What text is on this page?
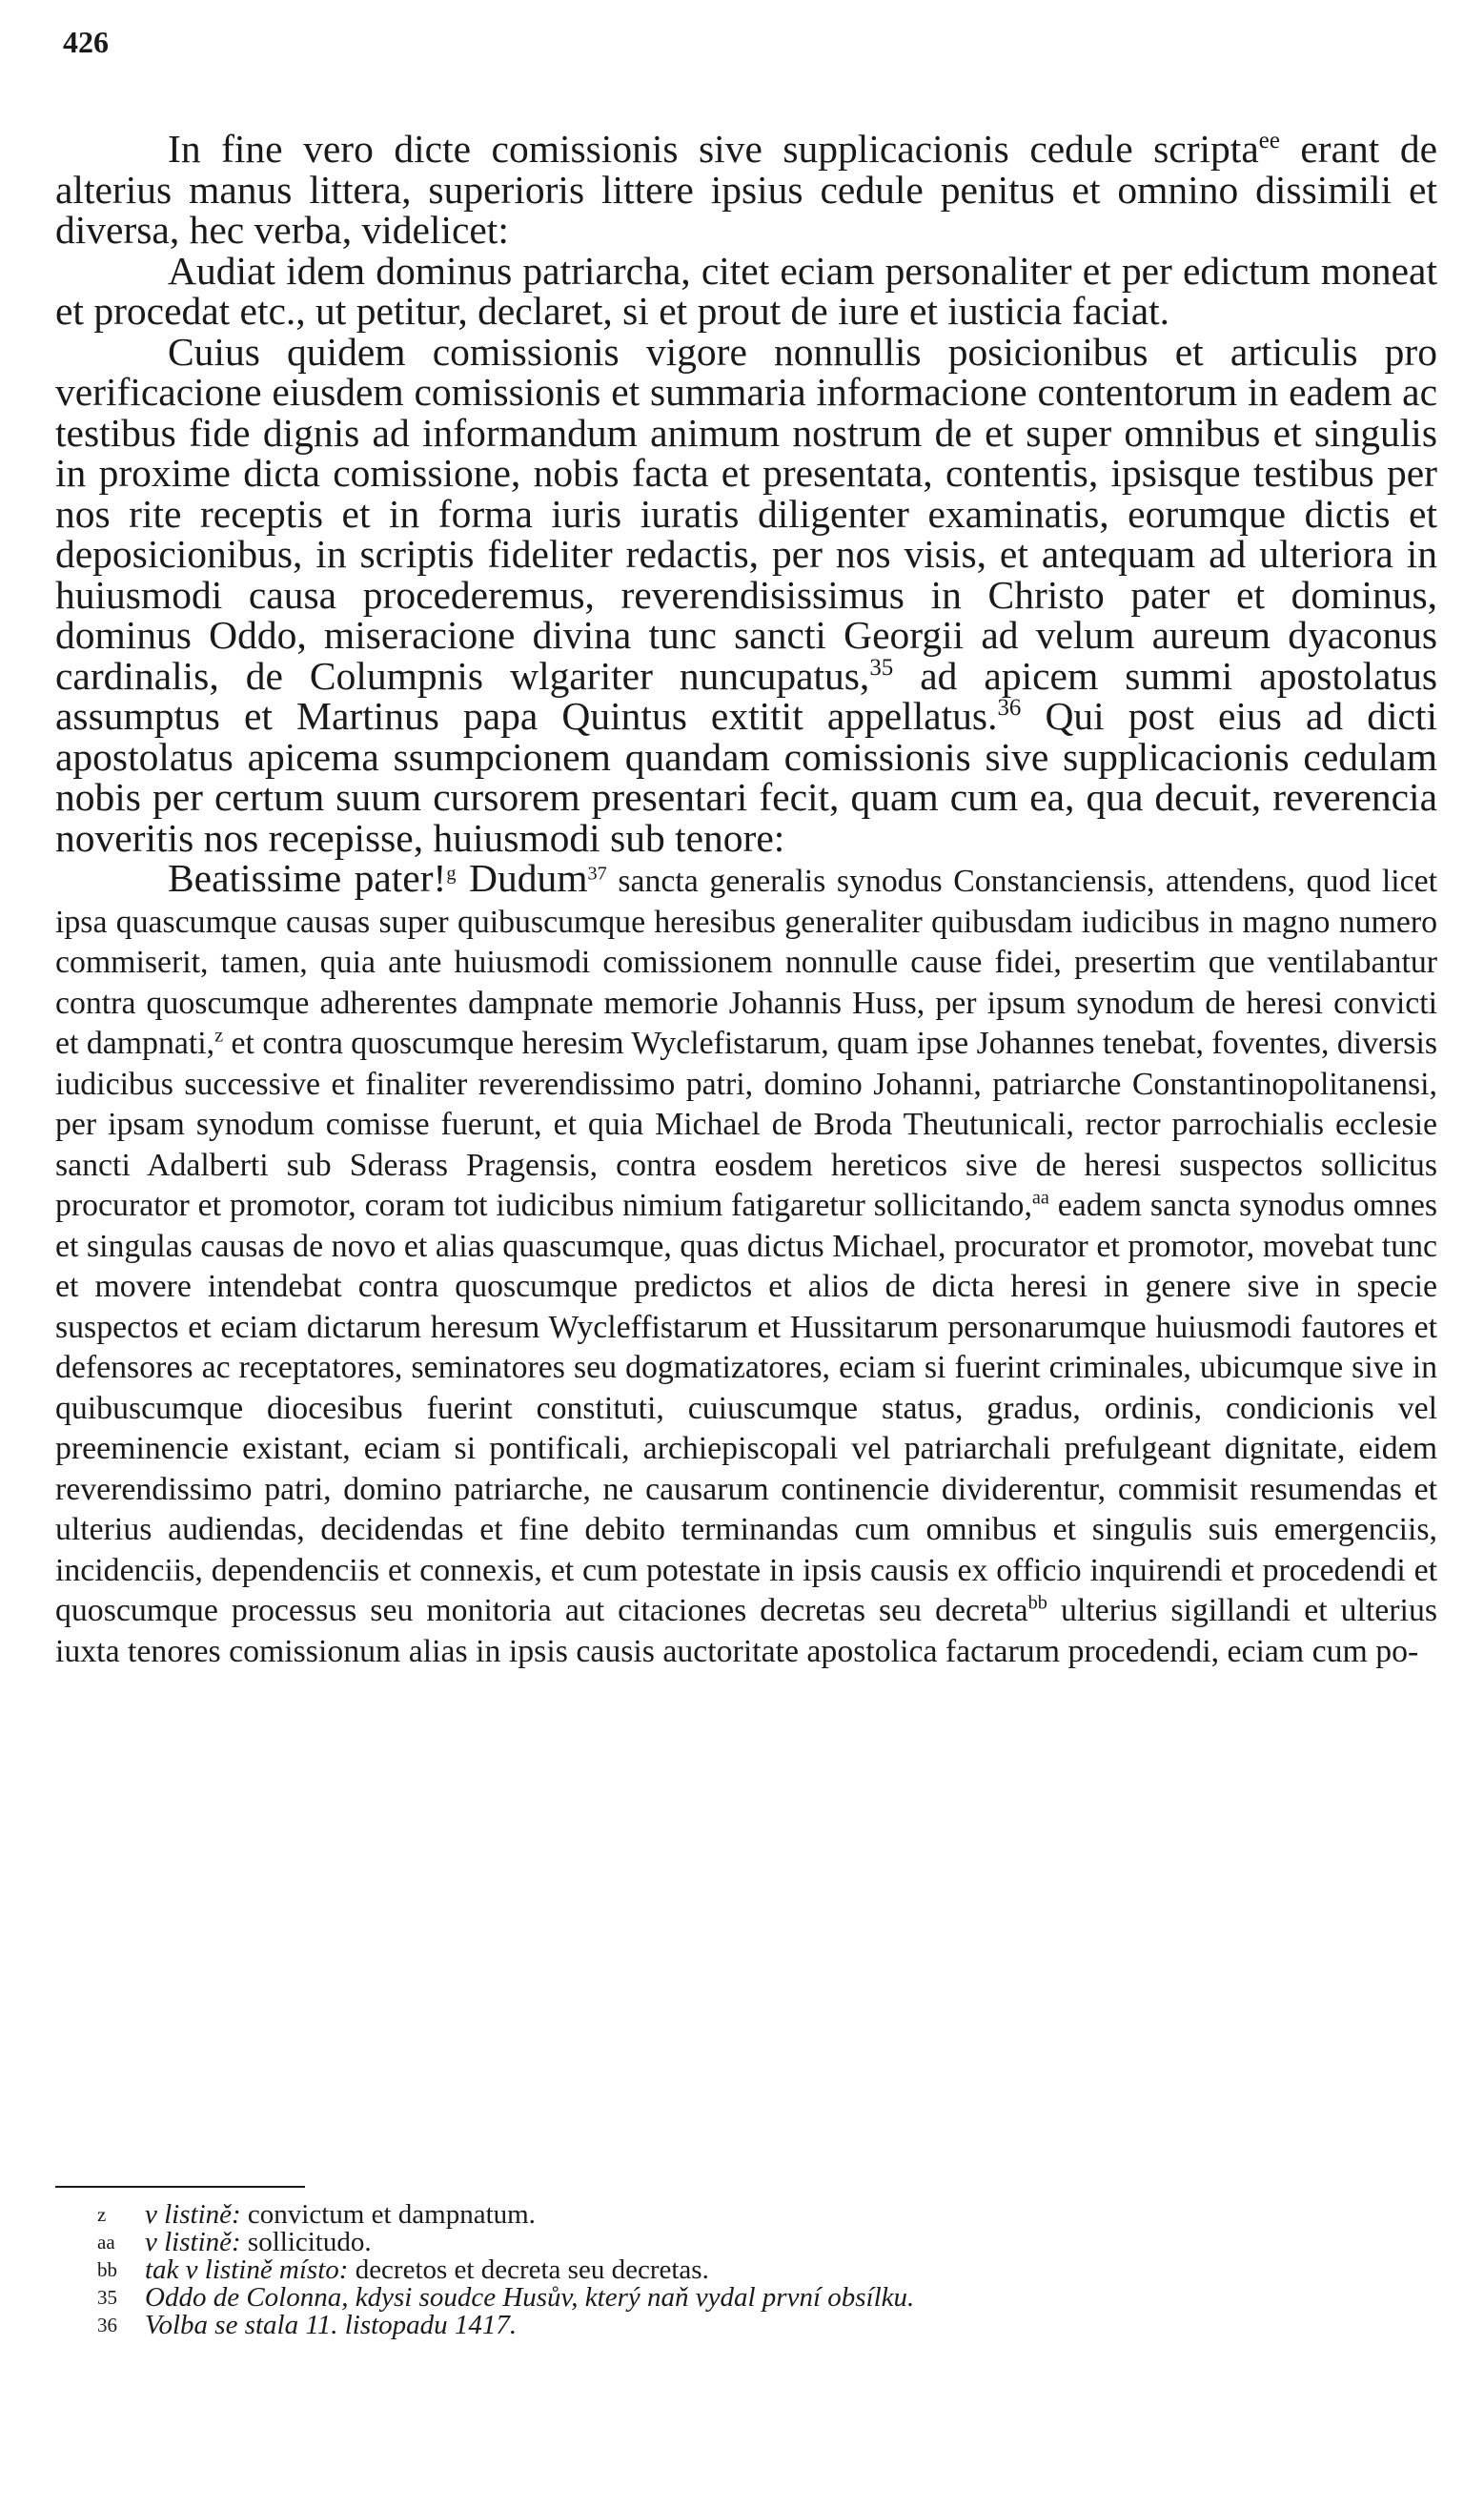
426

In fine vero dicte comissionis sive supplicacionis cedule scripta$^{ee}$ erant de alterius manus littera, superioris littere ipsius cedule penitus et omnino dissimili et diversa, hec verba, videlicet:

Audiat idem dominus patriarcha, citet eciam personaliter et per edictum moneat et procedat etc., ut petitur, declaret, si et prout de iure et iusticia faciat.

Cuius quidem comissionis vigore nonnullis posicionibus et articulis pro verificacione eiusdem comissionis et summaria informacione contentorum in eadem ac testibus fide dignis ad informandum animum nostrum de et super omnibus et singulis in proxime dicta comissione, nobis facta et presentata, contentis, ipsisque testibus per nos rite receptis et in forma iuris iuratis diligenter examinatis, eorumque dictis et deposicionibus, in scriptis fideliter redactis, per nos visis, et antequam ad ulteriora in huiusmodi causa procederemus, reverendisissimus in Christo pater et dominus, dominus Oddo, miseracione divina tunc sancti Georgii ad velum aureum dyaconus cardinalis, de Columpnis wlgariter nuncupatus,$^{35}$ ad apicem summi apostolatus assumptus et Martinus papa Quintus extitit appellatus.$^{36}$ Qui post eius ad dicti apostolatus apicema ssumpcionem quandam comissionis sive supplicacionis cedulam nobis per certum suum cursorem presentari fecit, quam cum ea, qua decuit, reverencia noveritis nos recepisse, huiusmodi sub tenore:

Beatissime pater!$^g$ Dudum$^{37}$ sancta generalis synodus Constanciensis, attendens, quod licet ipsa quascumque causas super quibuscumque heresibus generaliter quibusdam iudicibus in magno numero commiserit, tamen, quia ante huiusmodi comissionem nonnulle cause fidei, presertim que ventilabantur contra quoscumque adherentes dampnate memorie Johannis Huss, per ipsum synodum de heresi convicti et dampnati,$^z$ et contra quoscumque heresim Wyclefistarum, quam ipse Johannes tenebat, foventes, diversis iudicibus successive et finaliter reverendissimo patri, domino Johanni, patriarche Constantinopolitanensi, per ipsam synodum comisse fuerunt, et quia Michael de Broda Theutunicali, rector parrochialis ecclesie sancti Adalberti sub Sderass Pragensis, contra eosdem hereticos sive de heresi suspectos sollicitus procurator et promotor, coram tot iudicibus nimium fatigaretur sollicitando,$^{aa}$ eadem sancta synodus omnes et singulas causas de novo et alias quascumque, quas dictus Michael, procurator et promotor, movebat tunc et movere intendebat contra quoscumque predictos et alios de dicta heresi in genere sive in specie suspectos et eciam dictarum heresum Wycleffistarum et Hussitarum personarumque huiusmodi fautores et defensores ac receptatores, seminatores seu dogmatizatores, eciam si fuerint criminales, ubicumque sive in quibuscumque diocesibus fuerint constituti, cuiuscumque status, gradus, ordinis, condicionis vel preeminencie existant, eciam si pontificali, archiepiscopali vel patriarchali prefulgeant dignitate, eidem reverendissimo patri, domino patriarche, ne causarum continencie dividerentur, commisit resumendas et ulterius audiendas, decidendas et fine debito terminandas cum omnibus et singulis suis emergenciis, incidenciis, dependenciis et connexis, et cum potestate in ipsis causis ex officio inquirendi et procedendi et quoscumque processus seu monitoria aut citaciones decretas seu decreta$^{bb}$ ulterius sigillandi et ulterius iuxta tenores comissionum alias in ipsis causis auctoritate apostolica factarum procedendi, eciam cum po-

z v listině: convictum et dampnatum.
aa v listině: sollicitudo.
bb tak v listině místo: decretos et decreta seu decretas.
35 Oddo de Colonna, kdysi soudce Husův, který naň vydal první obsílku.
36 Volba se stala 11. listopadu 1417.
